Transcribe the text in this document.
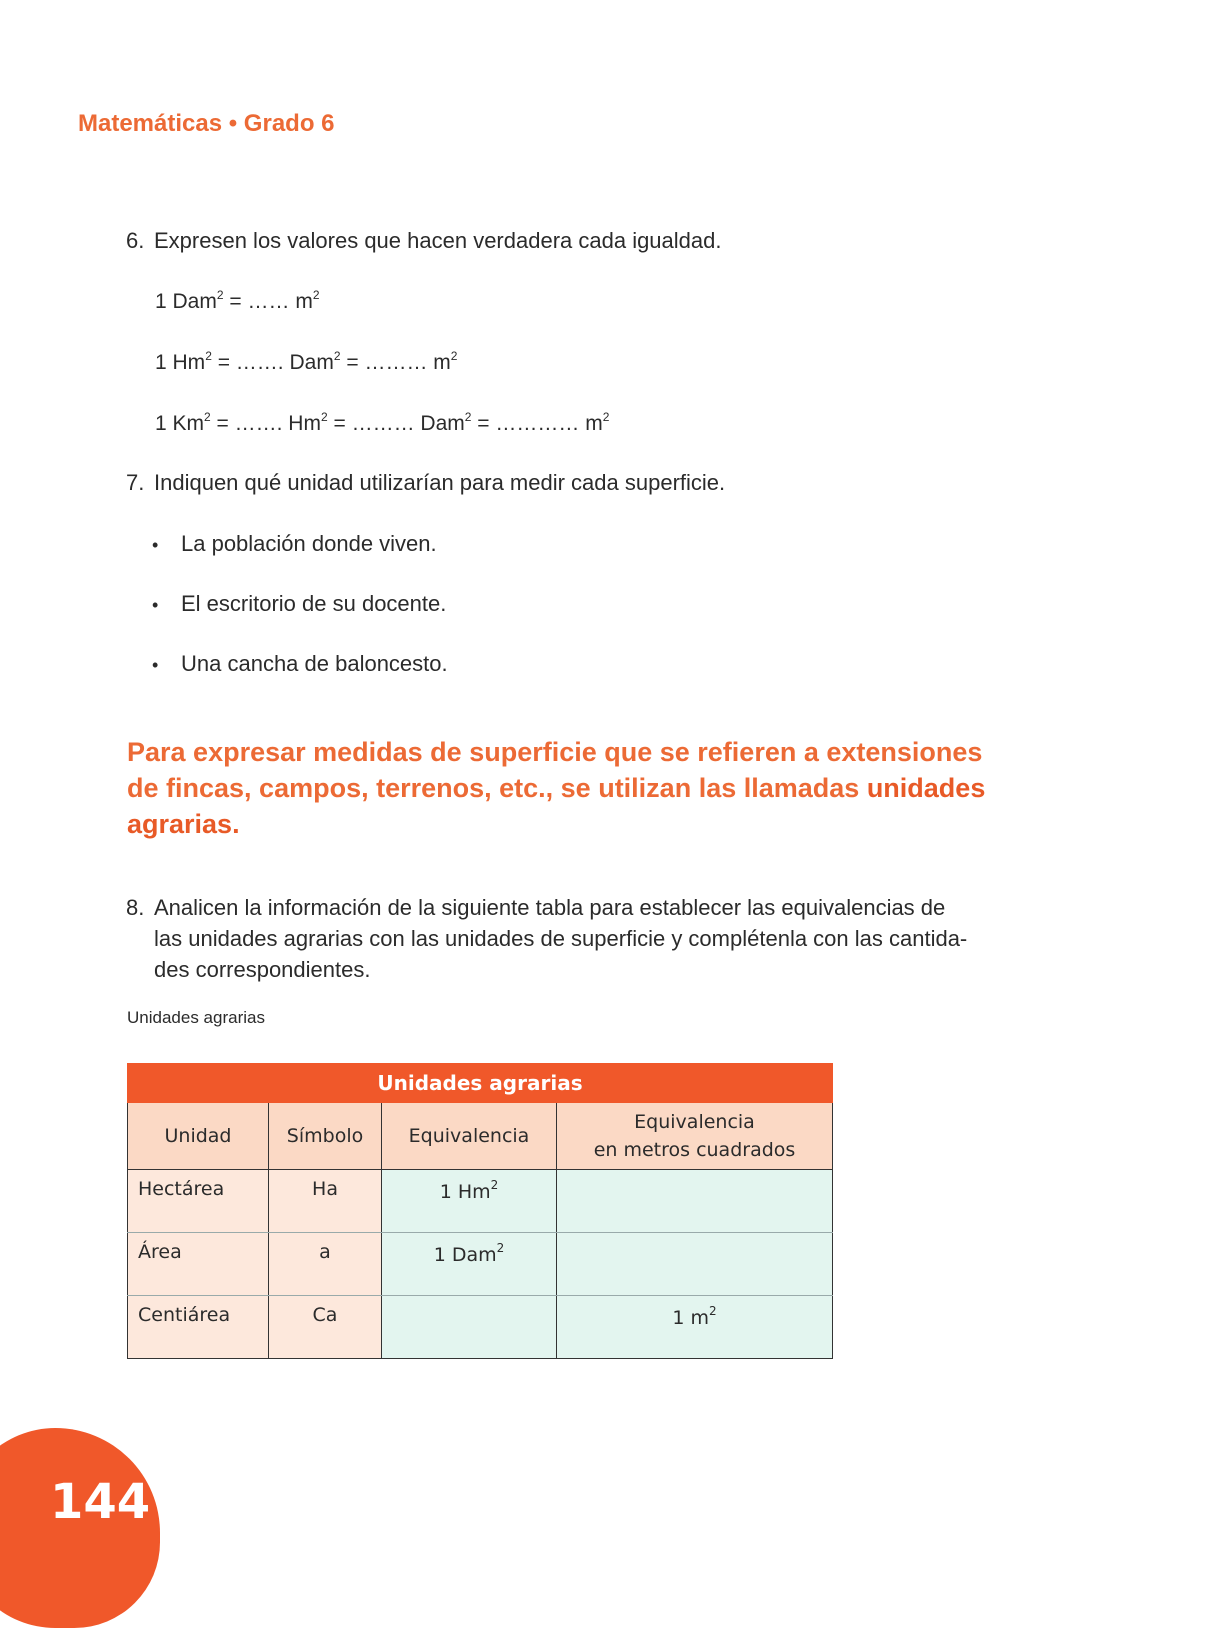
Matemáticas • Grado 6
6. Expresen los valores que hacen verdadera cada igualdad.
1 Dam$^2$ = …… $m^2$
1 $Hm^2$ = ……. Dam$^2$ = ……… $m^2$
1 $Km^2$ = ……. $Hm^2$ = ……… Dam$^2$ = ………… $m^2$
7. Indiquen qué unidad utilizarían para medir cada superficie.
• La población donde viven.
• El escritorio de su docente.
• Una cancha de baloncesto.
Para expresar medidas de superficie que se refieren a extensiones
de fincas, campos, terrenos, etc., se utilizan las llamadas unidades
agrarias.
8. Analicen la información de la siguiente tabla para establecer las equivalencias de
las unidades agrarias con las unidades de superficie y complétenla con las cantida-
des correspondientes.
Unidades agrarias
Unidades agrarias			
Unidad	Símbolo	Equivalencia	Equivalencia
en metros cuadrados
Hectárea	Ha	1 Hm$^2$	
Área	a	1 Dam$^2$	
Centiárea	Ca		1 $m^2$
144
